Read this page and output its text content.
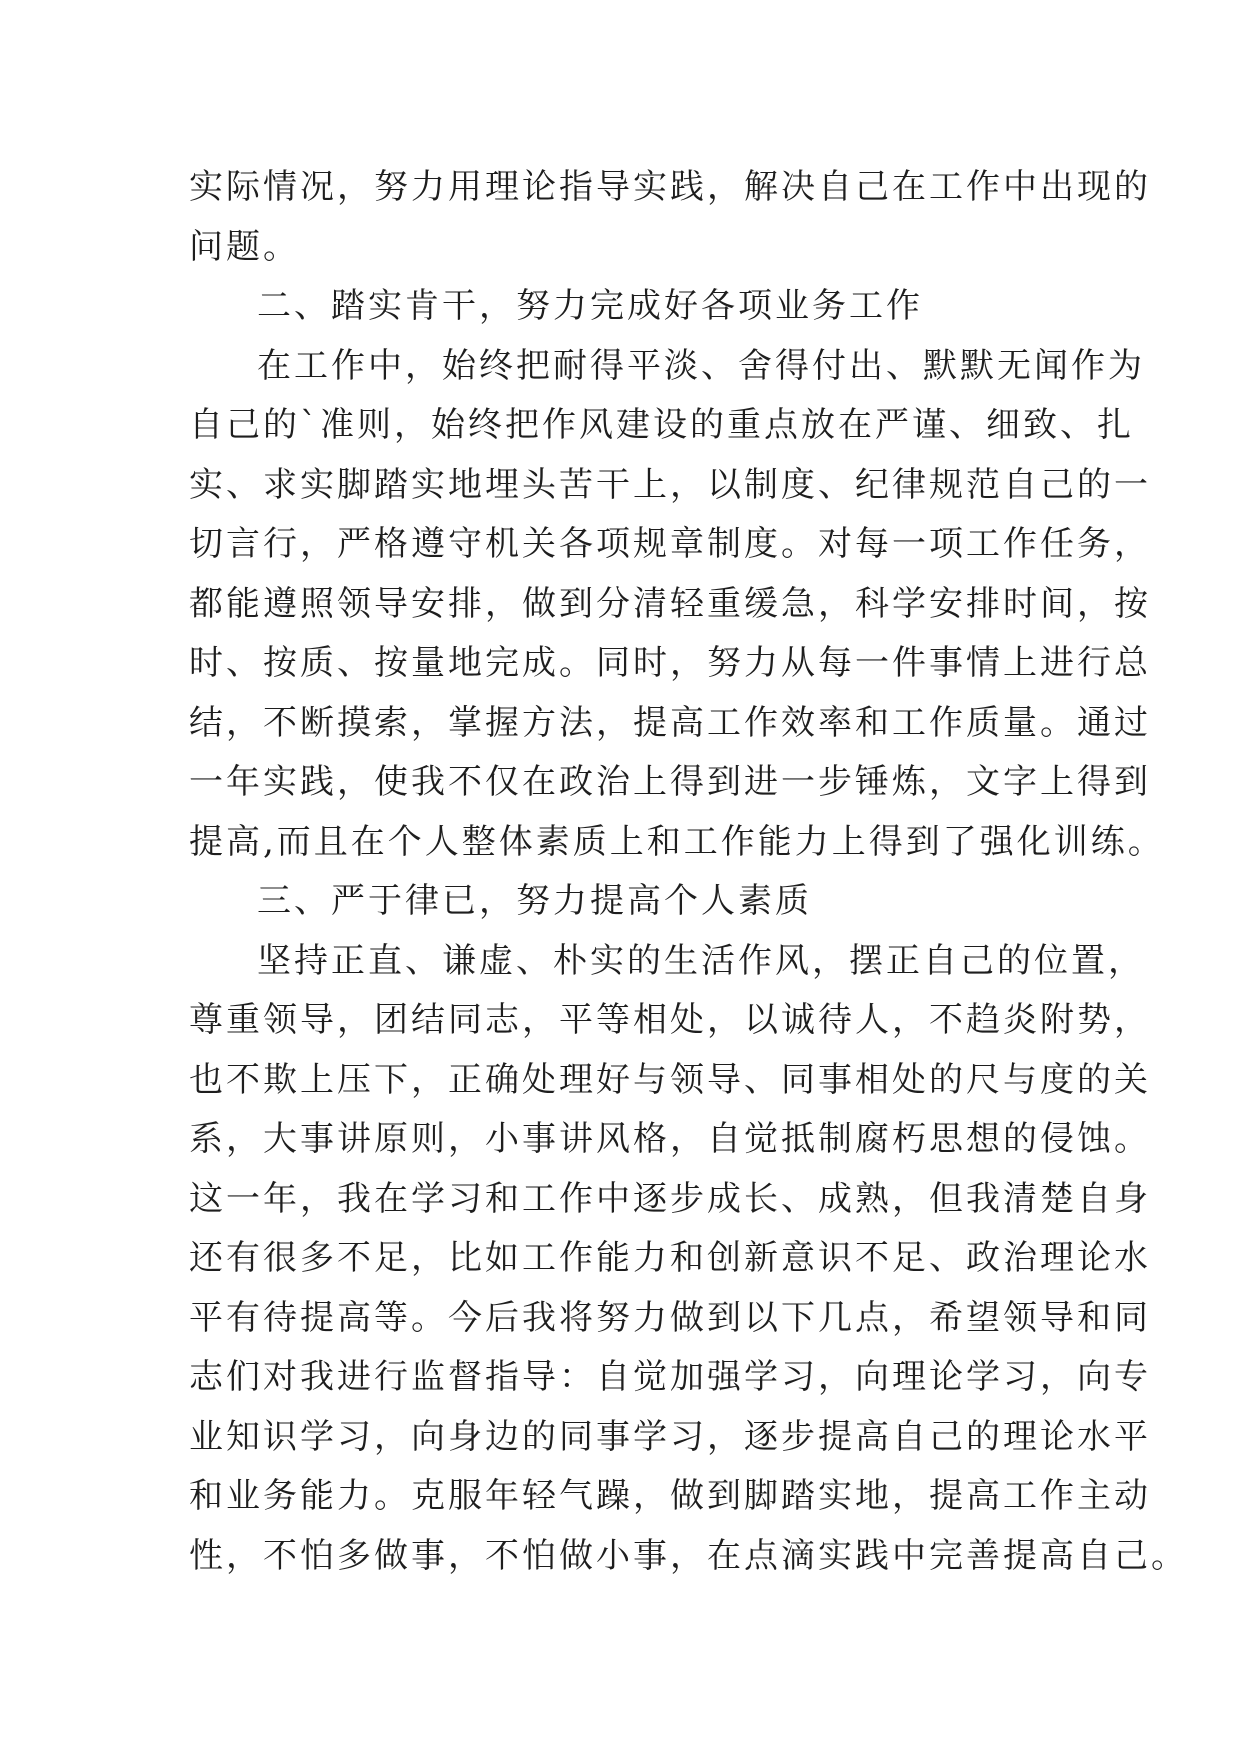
实际情况，努力用理论指导实践，解决自己在工作中出现的
问题。
二、踏实肯干，努力完成好各项业务工作
在工作中，始终把耐得平淡、舍得付出、默默无闻作为
自己的`准则，始终把作风建设的重点放在严谨、细致、扎
实、求实脚踏实地埋头苦干上，以制度、纪律规范自己的一
切言行，严格遵守机关各项规章制度。对每一项工作任务，
都能遵照领导安排，做到分清轻重缓急，科学安排时间，按
时、按质、按量地完成。同时，努力从每一件事情上进行总
结，不断摸索，掌握方法，提高工作效率和工作质量。通过
一年实践，使我不仅在政治上得到进一步锤炼，文字上得到
提高,而且在个人整体素质上和工作能力上得到了强化训练。
三、严于律已，努力提高个人素质
坚持正直、谦虚、朴实的生活作风，摆正自己的位置，
尊重领导，团结同志，平等相处，以诚待人，不趋炎附势，
也不欺上压下，正确处理好与领导、同事相处的尺与度的关
系，大事讲原则，小事讲风格，自觉抵制腐朽思想的侵蚀。
这一年，我在学习和工作中逐步成长、成熟，但我清楚自身
还有很多不足，比如工作能力和创新意识不足、政治理论水
平有待提高等。今后我将努力做到以下几点，希望领导和同
志们对我进行监督指导：自觉加强学习，向理论学习，向专
业知识学习，向身边的同事学习，逐步提高自己的理论水平
和业务能力。克服年轻气躁，做到脚踏实地，提高工作主动
性，不怕多做事，不怕做小事，在点滴实践中完善提高自己。
